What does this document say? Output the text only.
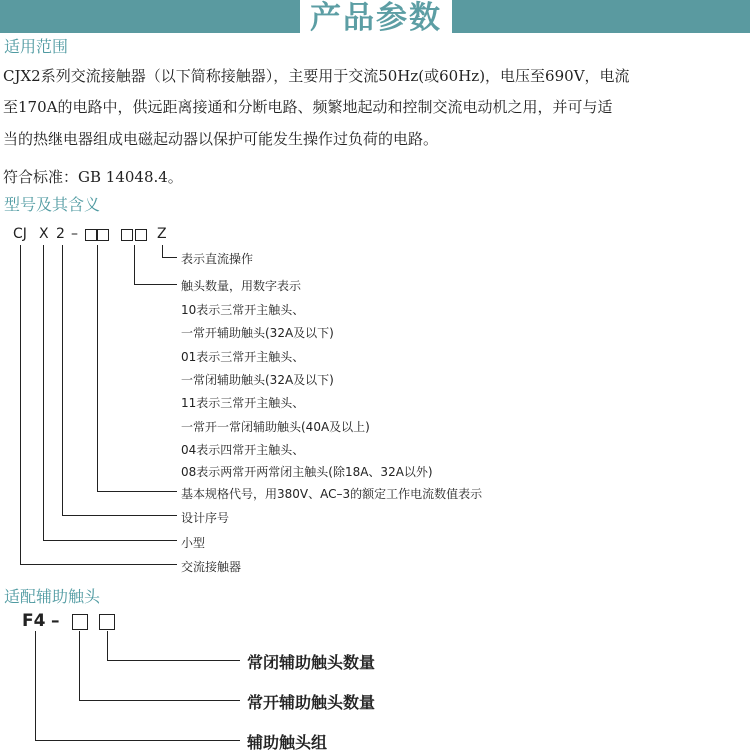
产品参数
适用范围
CJX2系列交流接触器（以下简称接触器），主要用于交流50Hz(或60Hz)，电压至690V，电流
至170A的电路中，供远距离接通和分断电路、频繁地起动和控制交流电动机之用，并可与适
当的热继电器组成电磁起动器以保护可能发生操作过负荷的电路。
符合标准：GB 14048.4。
型号及其含义
CJ X 2 –	Z
适配辅助触头
F4 –
表示直流操作
触头数量，用数字表示
10表示三常开主触头、
一常开辅助触头(32A及以下)
01表示三常开主触头、
一常闭辅助触头(32A及以下)
11表示三常开主触头、
一常开一常闭辅助触头(40A及以上)
04表示四常开主触头、
08表示两常开两常闭主触头(除18A、32A以外)
基本规格代号，用380V、AC–3的额定工作电流数值表示
设计序号
小型
交流接触器
常闭辅助触头数量
常开辅助触头数量
辅助触头组
